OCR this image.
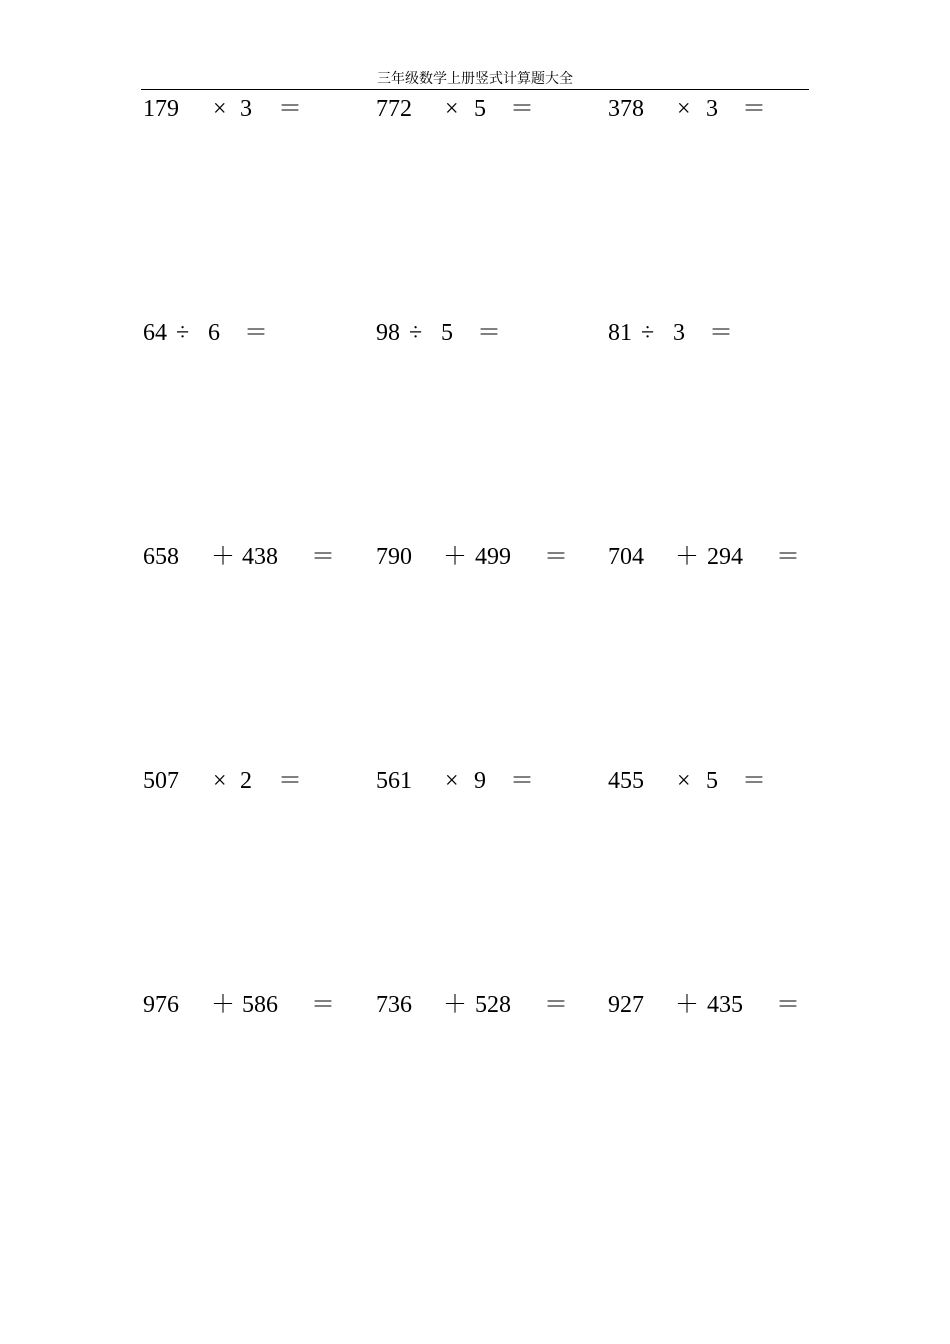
三年级数学上册竖式计算题大全
179 × 3 ＝	772 × 5 ＝	378 × 3 ＝
64 ÷ 6 ＝	98 ÷ 5 ＝	81 ÷ 3 ＝
658 ＋ 438 ＝ 790 ＋ 499 ＝ 704 ＋ 294 ＝
507 × 2 ＝	561 × 9 ＝	455 × 5 ＝
976 ＋ 586 ＝ 736 ＋ 528 ＝ 927 ＋ 435 ＝
